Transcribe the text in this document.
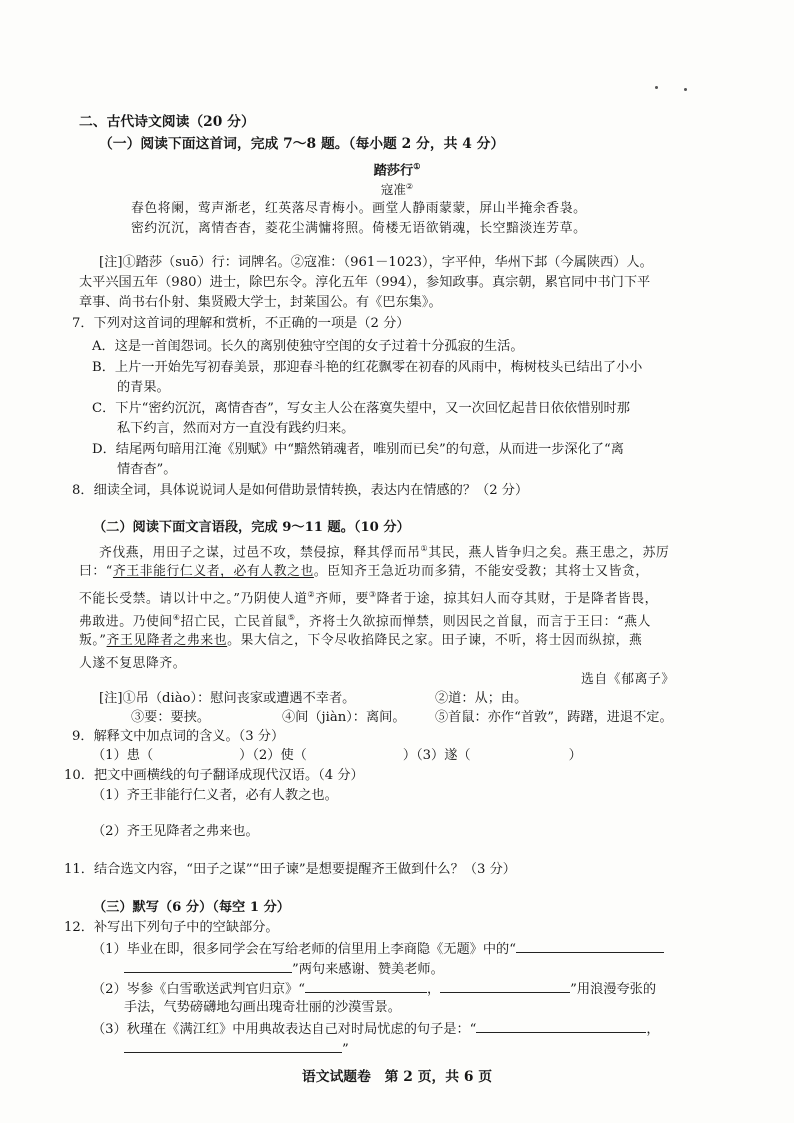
二、古代诗文阅读（20 分）
（一）阅读下面这首词，完成 7～8 题。（每小题 2 分，共 4 分）
踏莎行①
寇准②
春色将阑，莺声渐老，红英落尽青梅小。画堂人静雨蒙蒙，屏山半掩余香袅。
密约沉沉，离情杳杳，菱花尘满慵将照。倚楼无语欲销魂，长空黯淡连芳草。
[注]①踏莎（suō）行：词牌名。②寇准：（961－1023），字平仲，华州下邽（今属陕西）人。
太平兴国五年（980）进士，除巴东令。淳化五年（994），参知政事。真宗朝，累官同中书门下平
章事、尚书右仆射、集贤殿大学士，封莱国公。有《巴东集》。
7．下列对这首词的理解和赏析，不正确的一项是（2 分）
A．这是一首闺怨词。长久的离别使独守空闺的女子过着十分孤寂的生活。
B．上片一开始先写初春美景，那迎春斗艳的红花飘零在初春的风雨中，梅树枝头已结出了小小
的青果。
C．下片“密约沉沉，离情杳杳”，写女主人公在落寞失望中，又一次回忆起昔日依依惜别时那
私下约言，然而对方一直没有践约归来。
D．结尾两句暗用江淹《别赋》中“黯然销魂者，唯别而已矣”的句意，从而进一步深化了“离
情杳杳”。
8．细读全词，具体说说词人是如何借助景情转换，表达内在情感的？（2 分）
（二）阅读下面文言语段，完成 9～11 题。（10 分）
齐伐燕，用田子之谋，过邑不攻，禁侵掠，释其俘而吊①其民，燕人皆争归之矣。燕王患之，苏厉
曰：“齐王非能行仁义者，必有人教之也。臣知齐王急近功而多猜，不能安受教；其将士又皆贪，
不能长受禁。请以计中之。”乃阴使人道②齐师，要③降者于途，掠其妇人而夺其财，于是降者皆畏，
弗敢进。乃使间④招亡民，亡民首鼠⑤，齐将士久欲掠而惮禁，则因民之首鼠，而言于王曰：“燕人
叛。”齐王见降者之弗来也。果大信之，下令尽收掐降民之家。田子谏，不听，将士因而纵掠，燕
人遂不复思降齐。
选自《郁离子》
[注]①吊（diào）：慰问丧家或遭遇不幸者。	②道：从；由。
③要：要挟。	④间（jiàn）：离间。 ⑤首鼠：亦作“首敦”，踌躇，进退不定。
9．解释文中加点词的含义。（3 分）
（1）患（	）（2）使（	）（3）遂（	）
10．把文中画横线的句子翻译成现代汉语。（4 分）
（1）齐王非能行仁义者，必有人教之也。
（2）齐王见降者之弗来也。
11．结合选文内容，“田子之谋”“田子谏”是想要提醒齐王做到什么？（3 分）
（三）默写（6 分）（每空 1 分）
12．补写出下列句子中的空缺部分。
（1）毕业在即，很多同学会在写给老师的信里用上李商隐《无题》中的“
”两句来感谢、赞美老师。
（2）岑参《白雪歌送武判官归京》“	，	”用浪漫夸张的
手法，气势磅礴地勾画出瑰奇壮丽的沙漠雪景。
（3）秋瑾在《满江红》中用典故表达自己对时局忧虑的句子是：“	，
”
语文试题卷　第 2 页，共 6 页
